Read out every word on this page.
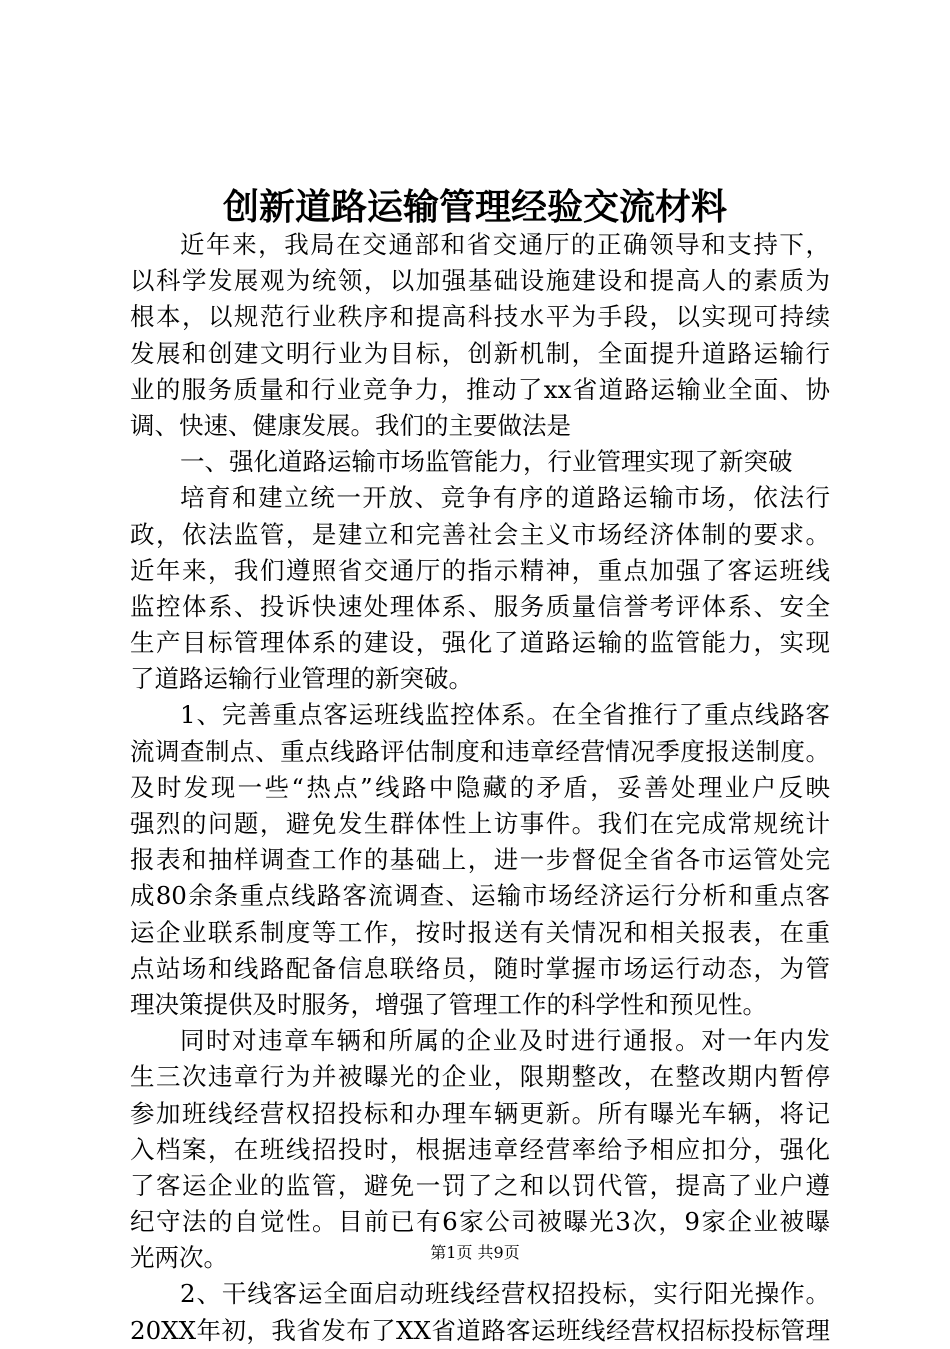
创新道路运输管理经验交流材料
近年来，我局在交通部和省交通厅的正确领导和支持下，
以科学发展观为统领，以加强基础设施建设和提高人的素质为
根本，以规范行业秩序和提高科技水平为手段，以实现可持续
发展和创建文明行业为目标，创新机制，全面提升道路运输行
业的服务质量和行业竞争力，推动了xx省道路运输业全面、协
调、快速、健康发展。我们的主要做法是
一、强化道路运输市场监管能力，行业管理实现了新突破
培育和建立统一开放、竞争有序的道路运输市场，依法行
政，依法监管，是建立和完善社会主义市场经济体制的要求。
近年来，我们遵照省交通厅的指示精神，重点加强了客运班线
监控体系、投诉快速处理体系、服务质量信誉考评体系、安全
生产目标管理体系的建设，强化了道路运输的监管能力，实现
了道路运输行业管理的新突破。
1、完善重点客运班线监控体系。在全省推行了重点线路客
流调查制点、重点线路评估制度和违章经营情况季度报送制度。
及时发现一些“热点”线路中隐藏的矛盾，妥善处理业户反映
强烈的问题，避免发生群体性上访事件。我们在完成常规统计
报表和抽样调查工作的基础上，进一步督促全省各市运管处完
成80余条重点线路客流调查、运输市场经济运行分析和重点客
运企业联系制度等工作，按时报送有关情况和相关报表，在重
点站场和线路配备信息联络员，随时掌握市场运行动态，为管
理决策提供及时服务，增强了管理工作的科学性和预见性。
同时对违章车辆和所属的企业及时进行通报。对一年内发
生三次违章行为并被曝光的企业，限期整改，在整改期内暂停
参加班线经营权招投标和办理车辆更新。所有曝光车辆，将记
入档案，在班线招投时，根据违章经营率给予相应扣分，强化
了客运企业的监管，避免一罚了之和以罚代管，提高了业户遵
纪守法的自觉性。目前已有6家公司被曝光3次，9家企业被曝
光两次。
2、干线客运全面启动班线经营权招投标，实行阳光操作。
20XX年初，我省发布了XX省道路客运班线经营权招标投标管理
第1页 共9页
